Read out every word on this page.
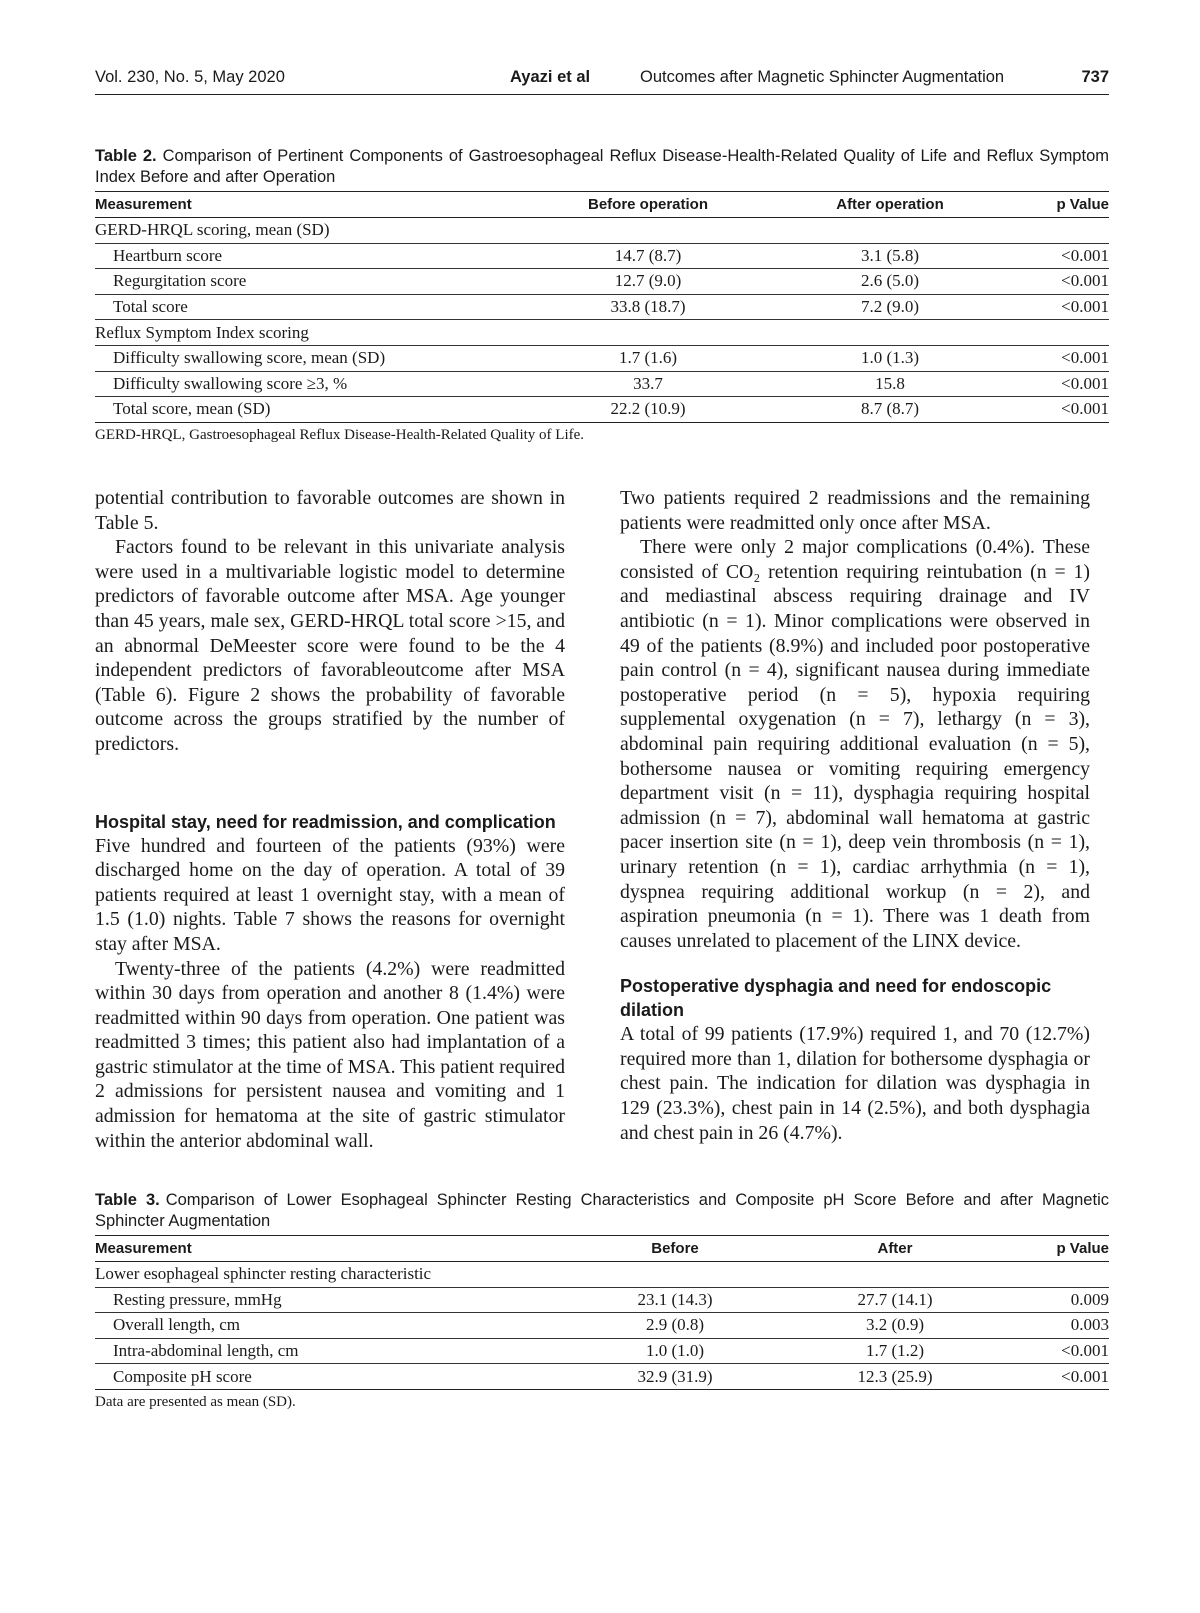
Vol. 230, No. 5, May 2020	Ayazi et al	Outcomes after Magnetic Sphincter Augmentation	737
Table 2. Comparison of Pertinent Components of Gastroesophageal Reflux Disease-Health-Related Quality of Life and Reflux Symptom Index Before and after Operation
Measurement	Before operation	After operation	p Value
GERD-HRQL scoring, mean (SD)			
Heartburn score	14.7 (8.7)	3.1 (5.8)	<0.001
Regurgitation score	12.7 (9.0)	2.6 (5.0)	<0.001
Total score	33.8 (18.7)	7.2 (9.0)	<0.001
Reflux Symptom Index scoring			
Difficulty swallowing score, mean (SD)	1.7 (1.6)	1.0 (1.3)	<0.001
Difficulty swallowing score ≥3, %	33.7	15.8	<0.001
Total score, mean (SD)	22.2 (10.9)	8.7 (8.7)	<0.001
GERD-HRQL, Gastroesophageal Reflux Disease-Health-Related Quality of Life.

potential contribution to favorable outcomes are shown in Table 5.

Factors found to be relevant in this univariate analysis were used in a multivariable logistic model to determine predictors of favorable outcome after MSA. Age younger than 45 years, male sex, GERD-HRQL total score >15, and an abnormal DeMeester score were found to be the 4 independent predictors of favorableoutcome after MSA (Table 6). Figure 2 shows the probability of favorable outcome across the groups stratified by the number of predictors.

Hospital stay, need for readmission, and complication

Five hundred and fourteen of the patients (93%) were discharged home on the day of operation. A total of 39 patients required at least 1 overnight stay, with a mean of 1.5 (1.0) nights. Table 7 shows the reasons for overnight stay after MSA.

Twenty-three of the patients (4.2%) were readmitted within 30 days from operation and another 8 (1.4%) were readmitted within 90 days from operation. One patient was readmitted 3 times; this patient also had implantation of a gastric stimulator at the time of MSA. This patient required 2 admissions for persistent nausea and vomiting and 1 admission for hematoma at the site of gastric stimulator within the anterior abdominal wall.

Two patients required 2 readmissions and the remaining patients were readmitted only once after MSA.

There were only 2 major complications (0.4%). These consisted of CO₂ retention requiring reintubation (n = 1) and mediastinal abscess requiring drainage and IV antibiotic (n = 1). Minor complications were observed in 49 of the patients (8.9%) and included poor postoperative pain control (n = 4), significant nausea during immediate postoperative period (n = 5), hypoxia requiring supplemental oxygenation (n = 7), lethargy (n = 3), abdominal pain requiring additional evaluation (n = 5), bothersome nausea or vomiting requiring emergency department visit (n = 11), dysphagia requiring hospital admission (n = 7), abdominal wall hematoma at gastric pacer insertion site (n = 1), deep vein thrombosis (n = 1), urinary retention (n = 1), cardiac arrhythmia (n = 1), dyspnea requiring additional workup (n = 2), and aspiration pneumonia (n = 1). There was 1 death from causes unrelated to placement of the LINX device.

Postoperative dysphagia and need for endoscopic dilation

A total of 99 patients (17.9%) required 1, and 70 (12.7%) required more than 1, dilation for bothersome dysphagia or chest pain. The indication for dilation was dysphagia in 129 (23.3%), chest pain in 14 (2.5%), and both dysphagia and chest pain in 26 (4.7%).

Table 3. Comparison of Lower Esophageal Sphincter Resting Characteristics and Composite pH Score Before and after Magnetic Sphincter Augmentation
Measurement	Before	After	p Value
Lower esophageal sphincter resting characteristic			
Resting pressure, mmHg	23.1 (14.3)	27.7 (14.1)	0.009
Overall length, cm	2.9 (0.8)	3.2 (0.9)	0.003
Intra-abdominal length, cm	1.0 (1.0)	1.7 (1.2)	<0.001
Composite pH score	32.9 (31.9)	12.3 (25.9)	<0.001
Data are presented as mean (SD).
